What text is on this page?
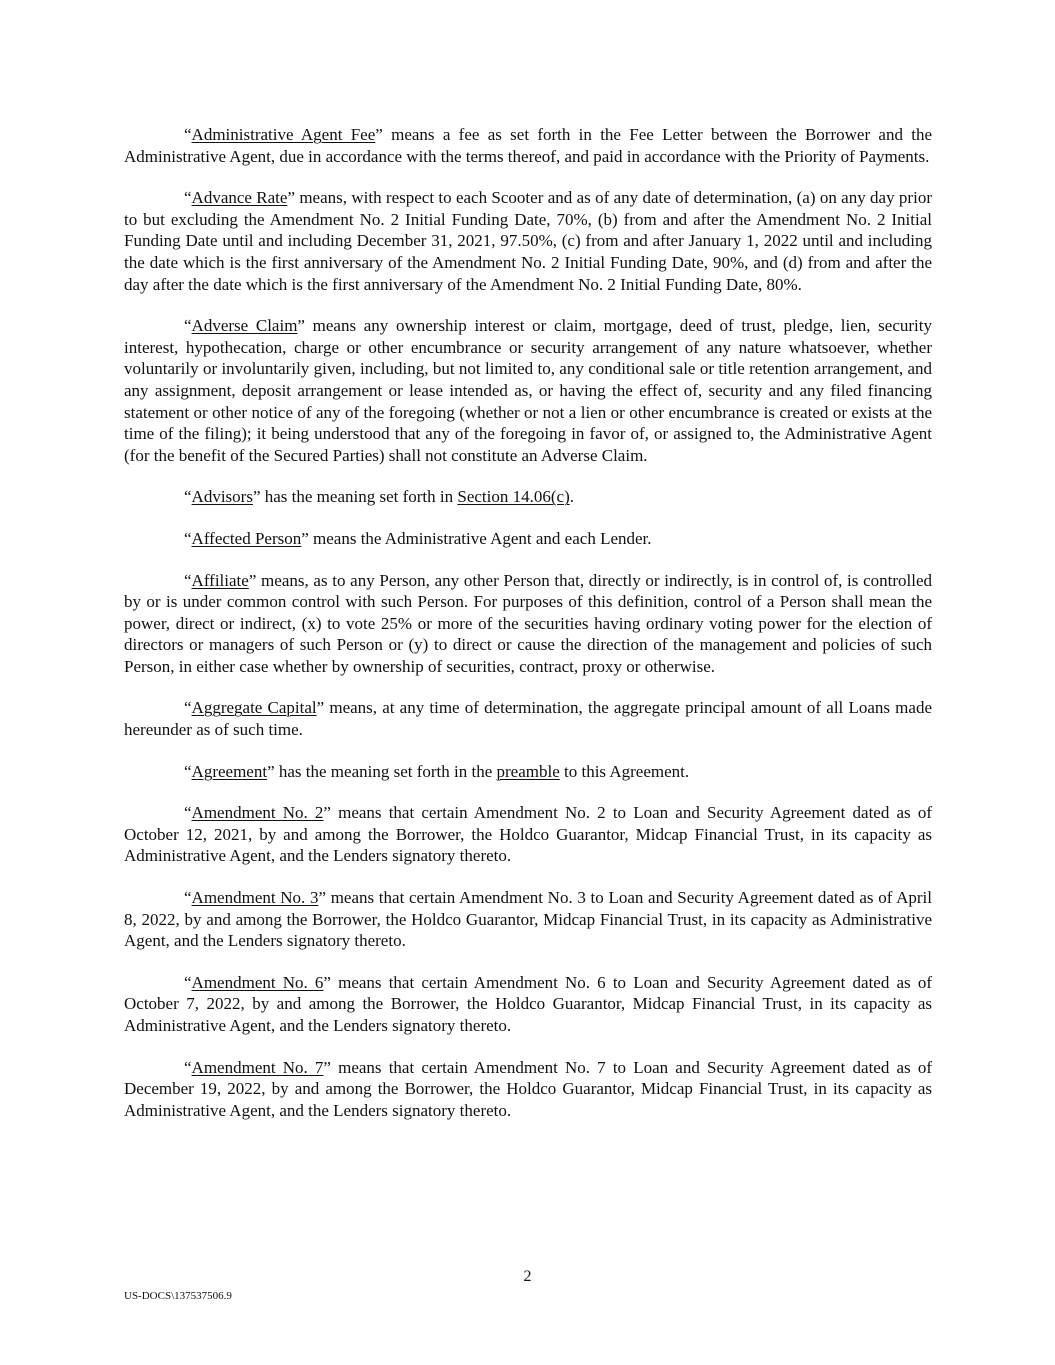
“Administrative Agent Fee” means a fee as set forth in the Fee Letter between the Borrower and the Administrative Agent, due in accordance with the terms thereof, and paid in accordance with the Priority of Payments.

“Advance Rate” means, with respect to each Scooter and as of any date of determination, (a) on any day prior to but excluding the Amendment No. 2 Initial Funding Date, 70%, (b) from and after the Amendment No. 2 Initial Funding Date until and including December 31, 2021, 97.50%, (c) from and after January 1, 2022 until and including the date which is the first anniversary of the Amendment No. 2 Initial Funding Date, 90%, and (d) from and after the day after the date which is the first anniversary of the Amendment No. 2 Initial Funding Date, 80%.

“Adverse Claim” means any ownership interest or claim, mortgage, deed of trust, pledge, lien, security interest, hypothecation, charge or other encumbrance or security arrangement of any nature whatsoever, whether voluntarily or involuntarily given, including, but not limited to, any conditional sale or title retention arrangement, and any assignment, deposit arrangement or lease intended as, or having the effect of, security and any filed financing statement or other notice of any of the foregoing (whether or not a lien or other encumbrance is created or exists at the time of the filing); it being understood that any of the foregoing in favor of, or assigned to, the Administrative Agent (for the benefit of the Secured Parties) shall not constitute an Adverse Claim.

“Advisors” has the meaning set forth in Section 14.06(c).

“Affected Person” means the Administrative Agent and each Lender.

“Affiliate” means, as to any Person, any other Person that, directly or indirectly, is in control of, is controlled by or is under common control with such Person. For purposes of this definition, control of a Person shall mean the power, direct or indirect, (x) to vote 25% or more of the securities having ordinary voting power for the election of directors or managers of such Person or (y) to direct or cause the direction of the management and policies of such Person, in either case whether by ownership of securities, contract, proxy or otherwise.

“Aggregate Capital” means, at any time of determination, the aggregate principal amount of all Loans made hereunder as of such time.

“Agreement” has the meaning set forth in the preamble to this Agreement.

“Amendment No. 2” means that certain Amendment No. 2 to Loan and Security Agreement dated as of October 12, 2021, by and among the Borrower, the Holdco Guarantor, Midcap Financial Trust, in its capacity as Administrative Agent, and the Lenders signatory thereto.

“Amendment No. 3” means that certain Amendment No. 3 to Loan and Security Agreement dated as of April 8, 2022, by and among the Borrower, the Holdco Guarantor, Midcap Financial Trust, in its capacity as Administrative Agent, and the Lenders signatory thereto.

“Amendment No. 6” means that certain Amendment No. 6 to Loan and Security Agreement dated as of October 7, 2022, by and among the Borrower, the Holdco Guarantor, Midcap Financial Trust, in its capacity as Administrative Agent, and the Lenders signatory thereto.

“Amendment No. 7” means that certain Amendment No. 7 to Loan and Security Agreement dated as of December 19, 2022, by and among the Borrower, the Holdco Guarantor, Midcap Financial Trust, in its capacity as Administrative Agent, and the Lenders signatory thereto.

2
US-DOCS\137537506.9
